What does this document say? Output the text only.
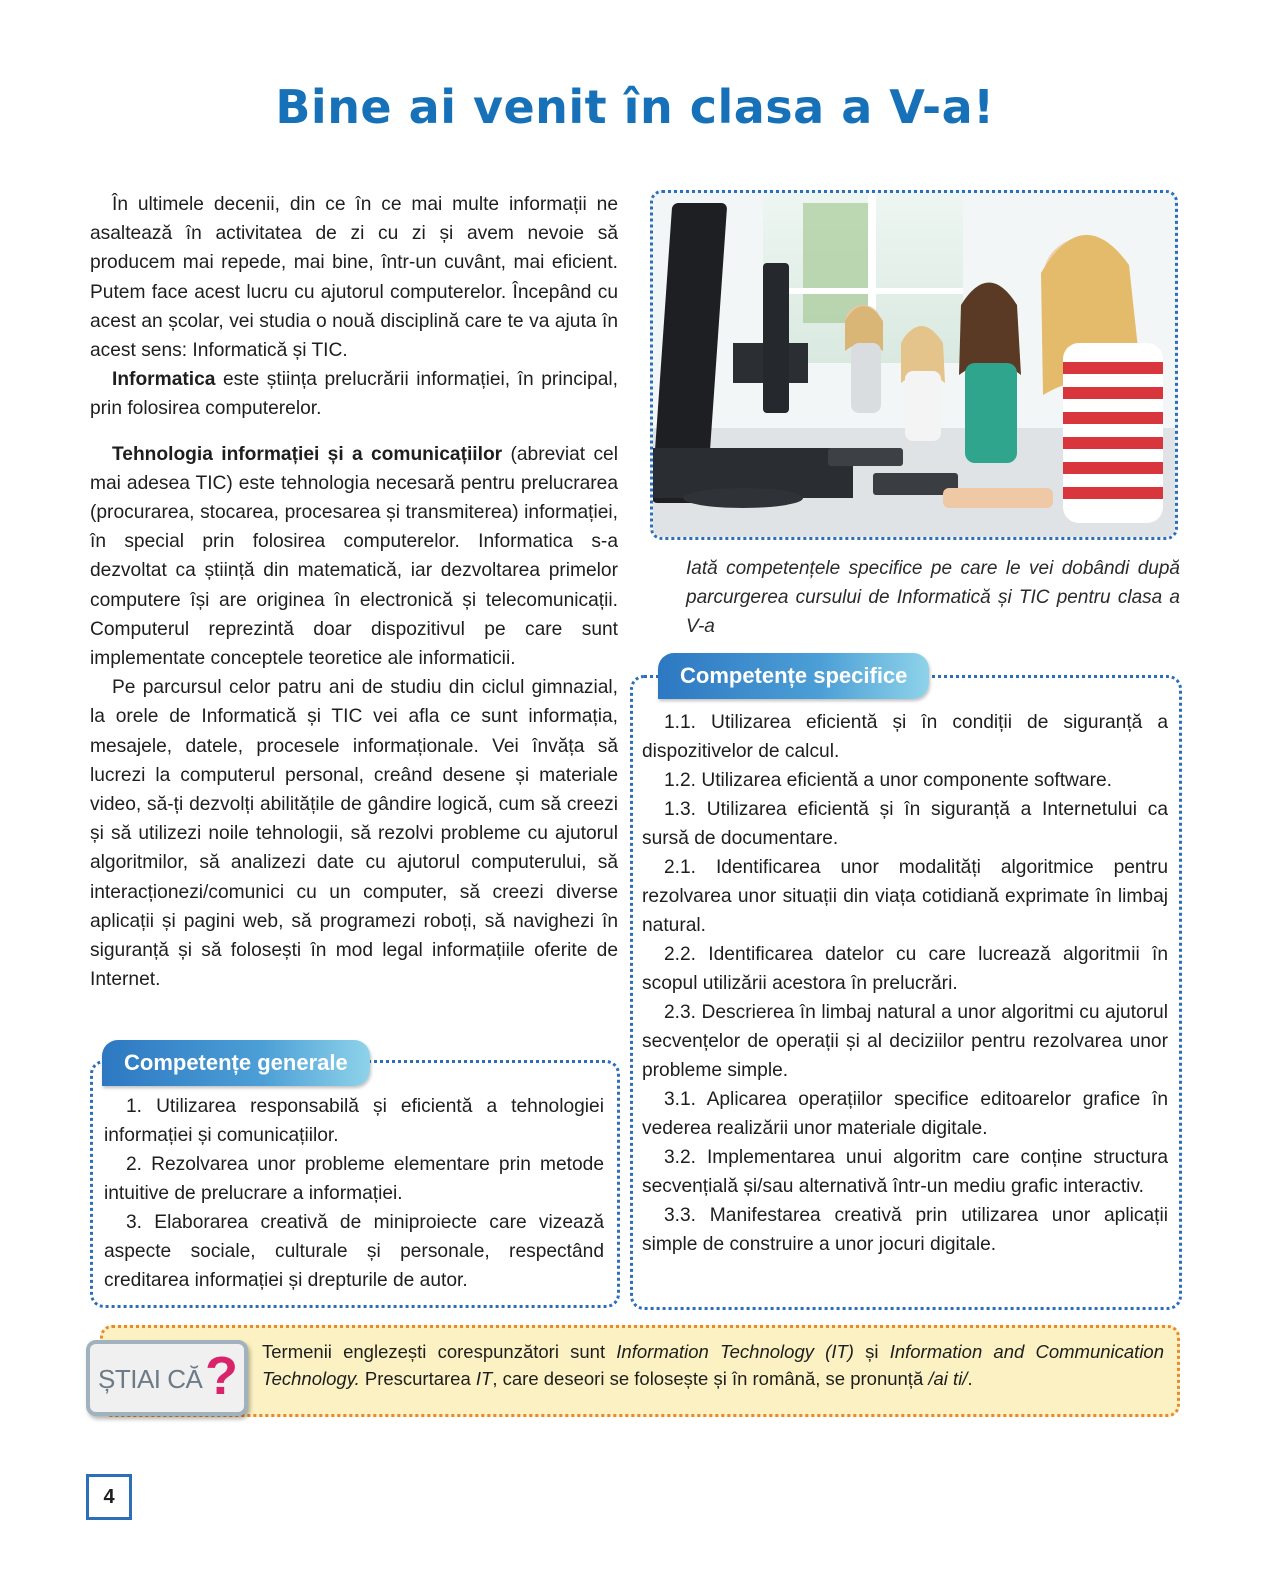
Bine ai venit în clasa a V-a!

În ultimele decenii, din ce în ce mai multe informații ne asaltează în activitatea de zi cu zi și avem nevoie să producem mai repede, mai bine, într-un cuvânt, mai eficient. Putem face acest lucru cu ajutorul computerelor. Începând cu acest an școlar, vei studia o nouă disciplină care te va ajuta în acest sens: Informatică și TIC.

Informatica este știința prelucrării informației, în principal, prin folosirea computerelor.

Tehnologia informației și a comunicațiilor (abreviat cel mai adesea TIC) este tehnologia necesară pentru prelucrarea (procurarea, stocarea, procesarea și transmiterea) informației, în special prin folosirea computerelor. Informatica s-a dezvoltat ca știință din matematică, iar dezvoltarea primelor computere își are originea în electronică și telecomunicații. Computerul reprezintă doar dispozitivul pe care sunt implementate conceptele teoretice ale informaticii.

Pe parcursul celor patru ani de studiu din ciclul gimnazial, la orele de Informatică și TIC vei afla ce sunt informația, mesajele, datele, procesele informaționale. Vei învăța să lucrezi la computerul personal, creând desene și materiale video, să-ți dezvolți abilitățile de gândire logică, cum să creezi și să utilizezi noile tehnologii, să rezolvi probleme cu ajutorul algoritmilor, să analizezi date cu ajutorul computerului, să interacționezi/comunici cu un computer, să creezi diverse aplicații și pagini web, să programezi roboți, să navighezi în siguranță și să folosești în mod legal informațiile oferite de Internet.

Iată competențele specifice pe care le vei dobândi după parcurgerea cursului de Informatică și TIC pentru clasa a V-a

Competențe specifice

1.1. Utilizarea eficientă și în condiții de siguranță a dispozitivelor de calcul.

1.2. Utilizarea eficientă a unor componente software.

1.3. Utilizarea eficientă și în siguranță a Internetului ca sursă de documentare.

2.1. Identificarea unor modalități algoritmice pentru rezolvarea unor situații din viața cotidiană exprimate în limbaj natural.

2.2. Identificarea datelor cu care lucrează algoritmii în scopul utilizării acestora în prelucrări.

2.3. Descrierea în limbaj natural a unor algoritmi cu ajutorul secvențelor de operații și al deciziilor pentru rezolvarea unor probleme simple.

3.1. Aplicarea operațiilor specifice editoarelor grafice în vederea realizării unor materiale digitale.

3.2. Implementarea unui algoritm care conține structura secvențială și/sau alternativă într-un mediu grafic interactiv.

3.3. Manifestarea creativă prin utilizarea unor aplicații simple de construire a unor jocuri digitale.

Competențe generale

1. Utilizarea responsabilă și eficientă a tehnologiei informației și comunicațiilor.

2. Rezolvarea unor probleme elementare prin metode intuitive de prelucrare a informației.

3. Elaborarea creativă de miniproiecte care vizează aspecte sociale, culturale și personale, respectând creditarea informației și drepturile de autor.

ȘTIAI CĂ ? Termenii englezești corespunzători sunt Information Technology (IT) și Information and Communication Technology. Prescurtarea IT, care deseori se folosește și în română, se pronunță /ai ti/.

4
